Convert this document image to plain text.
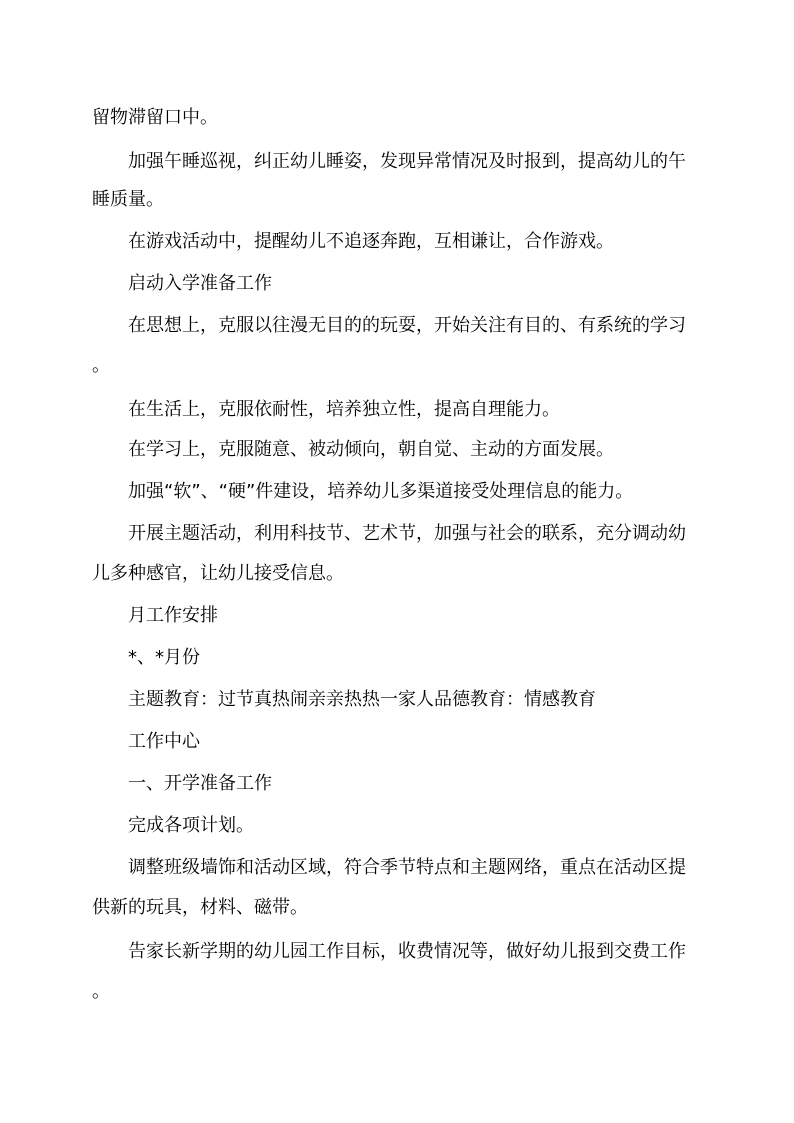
留物滞留口中。
加强午睡巡视，纠正幼儿睡姿，发现异常情况及时报到，提高幼儿的午
睡质量。
在游戏活动中，提醒幼儿不追逐奔跑，互相谦让，合作游戏。
启动入学准备工作
在思想上，克服以往漫无目的的玩耍，开始关注有目的、有系统的学习
。
在生活上，克服依耐性，培养独立性，提高自理能力。
在学习上，克服随意、被动倾向，朝自觉、主动的方面发展。
加强“软”、“硬”件建设，培养幼儿多渠道接受处理信息的能力。
开展主题活动，利用科技节、艺术节，加强与社会的联系，充分调动幼
儿多种感官，让幼儿接受信息。
月工作安排
*、*月份
主题教育：过节真热闹亲亲热热一家人品德教育：情感教育
工作中心
一、开学准备工作
完成各项计划。
调整班级墙饰和活动区域，符合季节特点和主题网络，重点在活动区提
供新的玩具，材料、磁带。
告家长新学期的幼儿园工作目标，收费情况等，做好幼儿报到交费工作
。
